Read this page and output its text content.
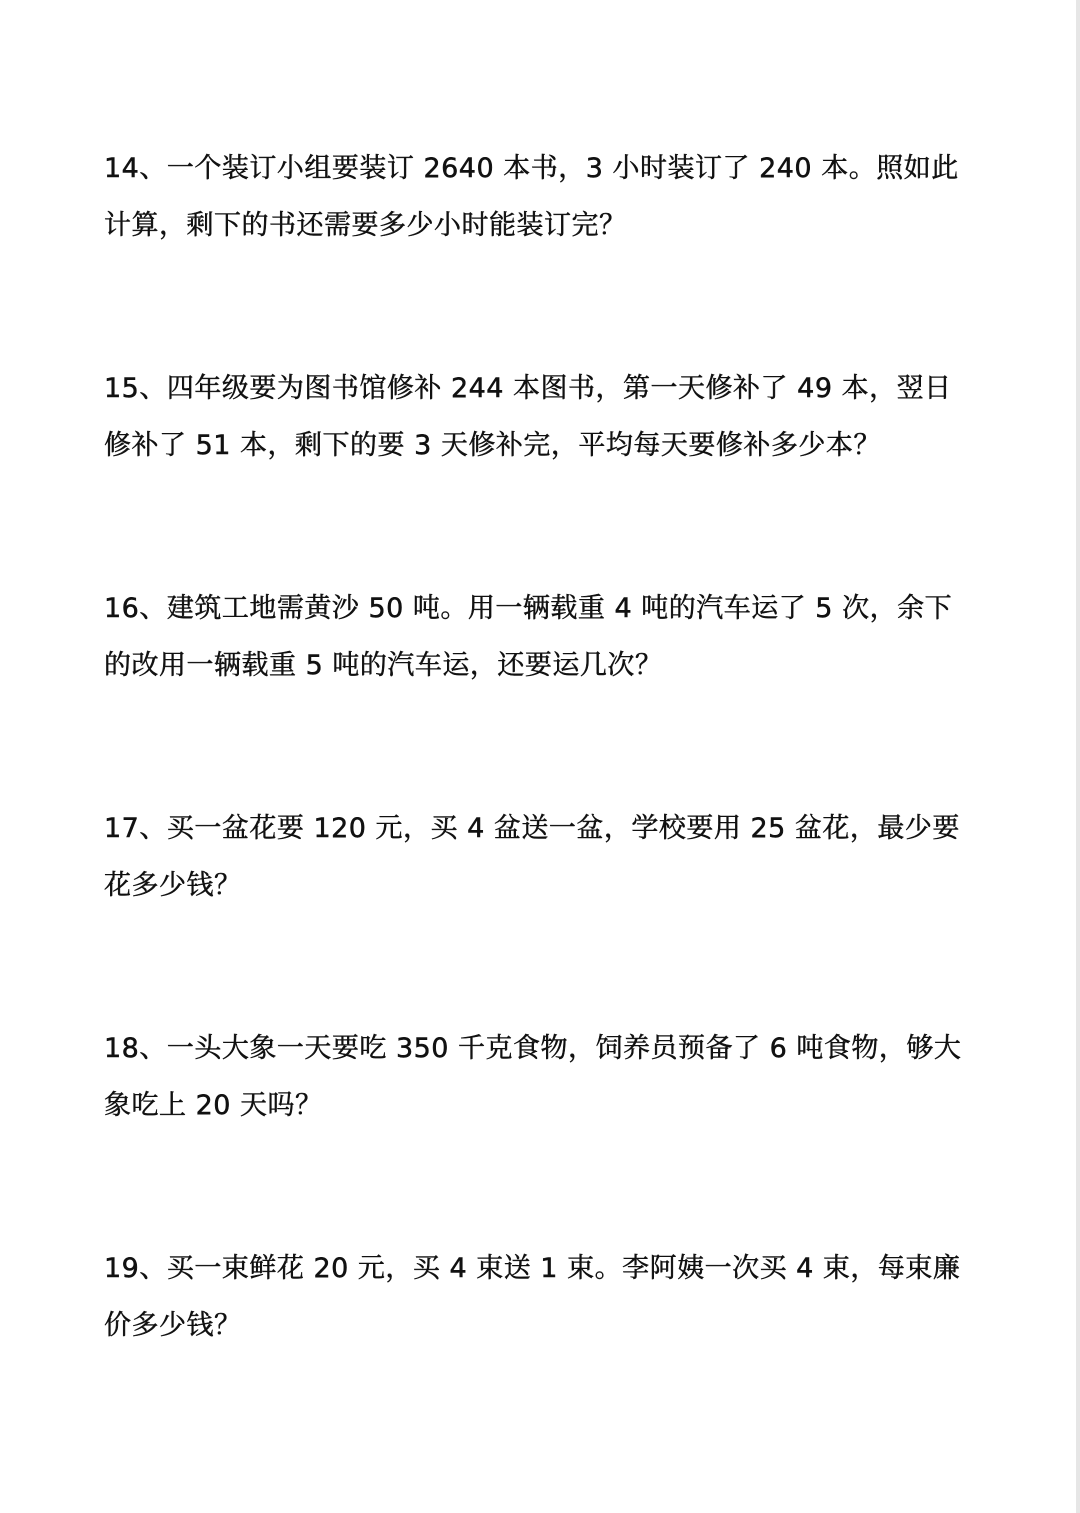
14、一个装订小组要装订 2640 本书，3 小时装订了 240 本。照如此计算，剩下的书还需要多少小时能装订完？

15、四年级要为图书馆修补 244 本图书，第一天修补了 49 本，翌日修补了 51 本，剩下的要 3 天修补完，平均每天要修补多少本？

16、建筑工地需黄沙 50 吨。用一辆载重 4 吨的汽车运了 5 次，余下的改用一辆载重 5 吨的汽车运，还要运几次？

17、买一盆花要 120 元，买 4 盆送一盆，学校要用 25 盆花，最少要花多少钱？

18、一头大象一天要吃 350 千克食物，饲养员预备了 6 吨食物，够大象吃上 20 天吗？

19、买一束鲜花 20 元，买 4 束送 1 束。李阿姨一次买 4 束，每束廉价多少钱？
